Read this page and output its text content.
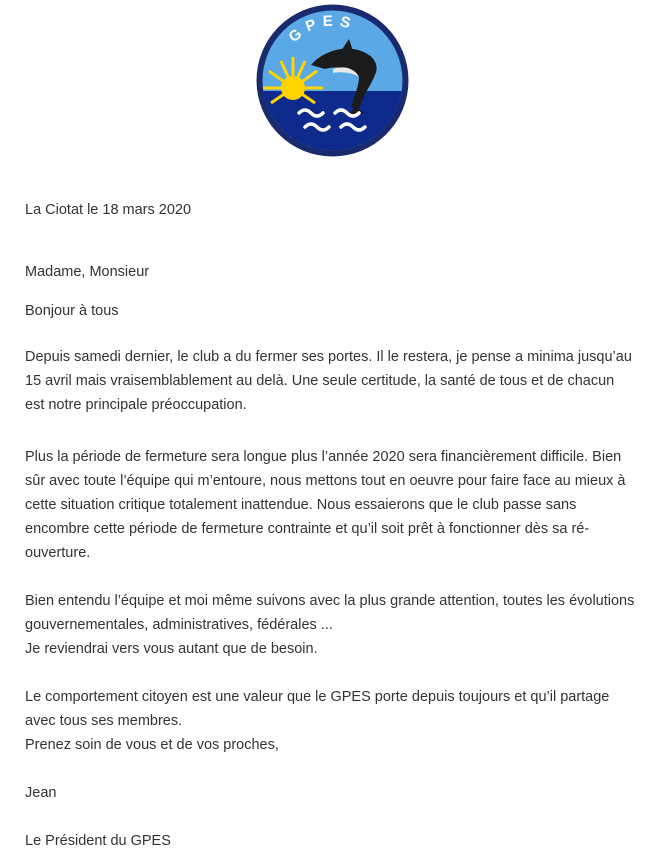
GPES
La Ciotat le 18 mars 2020
Madame, Monsieur
Bonjour à tous

Depuis samedi dernier, le club a du fermer ses portes. Il le restera, je pense a minima jusqu’au 15 avril mais vraisemblablement au delà. Une seule certitude, la santé de tous et de chacun est notre principale préoccupation.

Plus la période de fermeture sera longue plus l’année 2020 sera financièrement difficile. Bien sûr avec toute l’équipe qui m’entoure, nous mettons tout en oeuvre pour faire face au mieux à cette situation critique totalement inattendue. Nous essaierons que le club passe sans encombre cette période de fermeture contrainte et qu’il soit prêt à fonctionner dès sa ré-ouverture.

Bien entendu l’équipe et moi même suivons avec la plus grande attention, toutes les évolutions gouvernementales, administratives, fédérales ...

Je reviendrai vers vous autant que de besoin.

Le comportement citoyen est une valeur que le GPES porte depuis toujours et qu’il partage avec tous ses membres.

Prenez soin de vous et de vos proches,

Jean
Le Président du GPES
